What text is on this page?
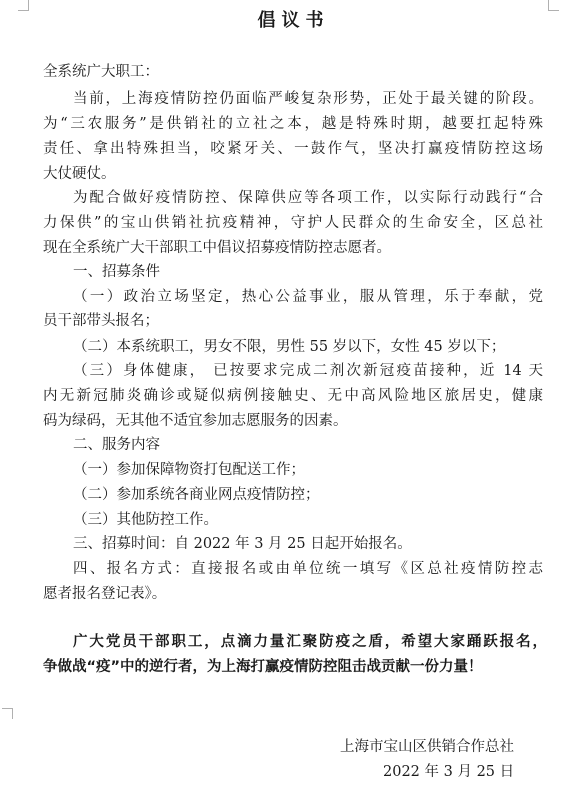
倡议书
全系统广大职工：
当前，上海疫情防控仍面临严峻复杂形势，正处于最关键的阶段。
为“三农服务”是供销社的立社之本，越是特殊时期，越要扛起特殊
责任、拿出特殊担当，咬紧牙关、一鼓作气，坚决打赢疫情防控这场
大仗硬仗。
为配合做好疫情防控、保障供应等各项工作，以实际行动践行“合
力保供”的宝山供销社抗疫精神，守护人民群众的生命安全，区总社
现在全系统广大干部职工中倡议招募疫情防控志愿者。
一、招募条件
（一）政治立场坚定，热心公益事业，服从管理，乐于奉献，党
员干部带头报名；
（二）本系统职工，男女不限，男性 55 岁以下，女性 45 岁以下；
（三）身体健康， 已按要求完成二剂次新冠疫苗接种，近 14 天
内无新冠肺炎确诊或疑似病例接触史、无中高风险地区旅居史，健康
码为绿码，无其他不适宜参加志愿服务的因素。
二、服务内容
（一）参加保障物资打包配送工作；
（二）参加系统各商业网点疫情防控；
（三）其他防控工作。
三、招募时间：自 2022 年 3 月 25 日起开始报名。
四、报名方式：直接报名或由单位统一填写《区总社疫情防控志
愿者报名登记表》。
广大党员干部职工，点滴力量汇聚防疫之盾，希望大家踊跃报名，
争做战“疫”中的逆行者，为上海打赢疫情防控阻击战贡献一份力量！
上海市宝山区供销合作总社
2022 年 3 月 25 日
